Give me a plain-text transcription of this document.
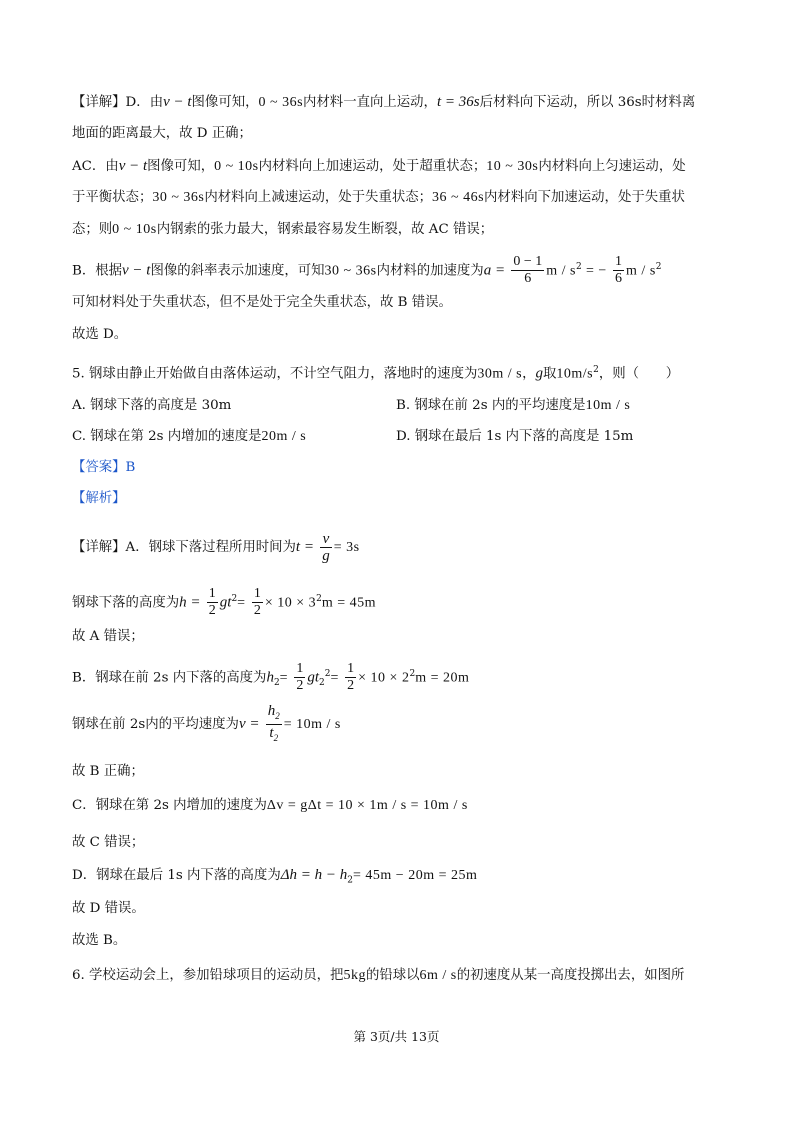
【详解】D．由v − t图像可知，0 ~ 36s内材料一直向上运动，t = 36s后材料向下运动，所以 36s时材料离
地面的距离最大，故 D 正确；
AC．由v − t图像可知，0 ~ 10s内材料向上加速运动，处于超重状态；10 ~ 30s内材料向上匀速运动，处
于平衡状态；30 ~ 36s内材料向上减速运动，处于失重状态；36 ~ 46s内材料向下加速运动，处于失重状
态；则0 ~ 10s内钢索的张力最大，钢索最容易发生断裂，故 AC 错误；
B．根据v − t图像的斜率表示加速度，可知30 ~ 36s内材料的加速度为$a = \frac{0 - 1}{6}$ m / $s^2$ = − $\frac{1}{6}$ m / $s^2$
可知材料处于失重状态，但不是处于完全失重状态，故 B 错误。
故选 D。
5. 钢球由静止开始做自由落体运动，不计空气阻力，落地时的速度为30m / s，g取$10m/s^2$，则（　　）
A. 钢球下落的高度是 30m	B. 钢球在前 2s 内的平均速度是10m / s
C. 钢球在第 2s 内增加的速度是20m / s	D. 钢球在最后 1s 内下落的高度是 15m
【答案】B
【解析】
【详解】A．钢球下落过程所用时间为$t = \frac{v}{g} = 3s$
钢球下落的高度为$h = \frac{1}{2} gt^2= \frac{1}{2} \times 10 \times 3^2m = 45m$
故 A 错误；
B．钢球在前 2s 内下落的高度为$h_2= \frac{1}{2} gt_2^2= \frac{1}{2} \times 10 \times 2^2m = 20m$
钢球在前 2s内的平均速度为$v = \frac{h_2}{t_2} = 10m / s$
故 B 正确；
C．钢球在第 2s 内增加的速度为Δv = gΔt = 10 × 1m / s = 10m / s
故 C 错误；
D．钢球在最后 1s 内下落的高度为$\Delta h = h - h_2= 45m - 20m = 25m$
故 D 错误。
故选 B。
6. 学校运动会上，参加铅球项目的运动员，把5kg的铅球以6m / s的初速度从某一高度投掷出去，如图所
第 3页/共 13页
